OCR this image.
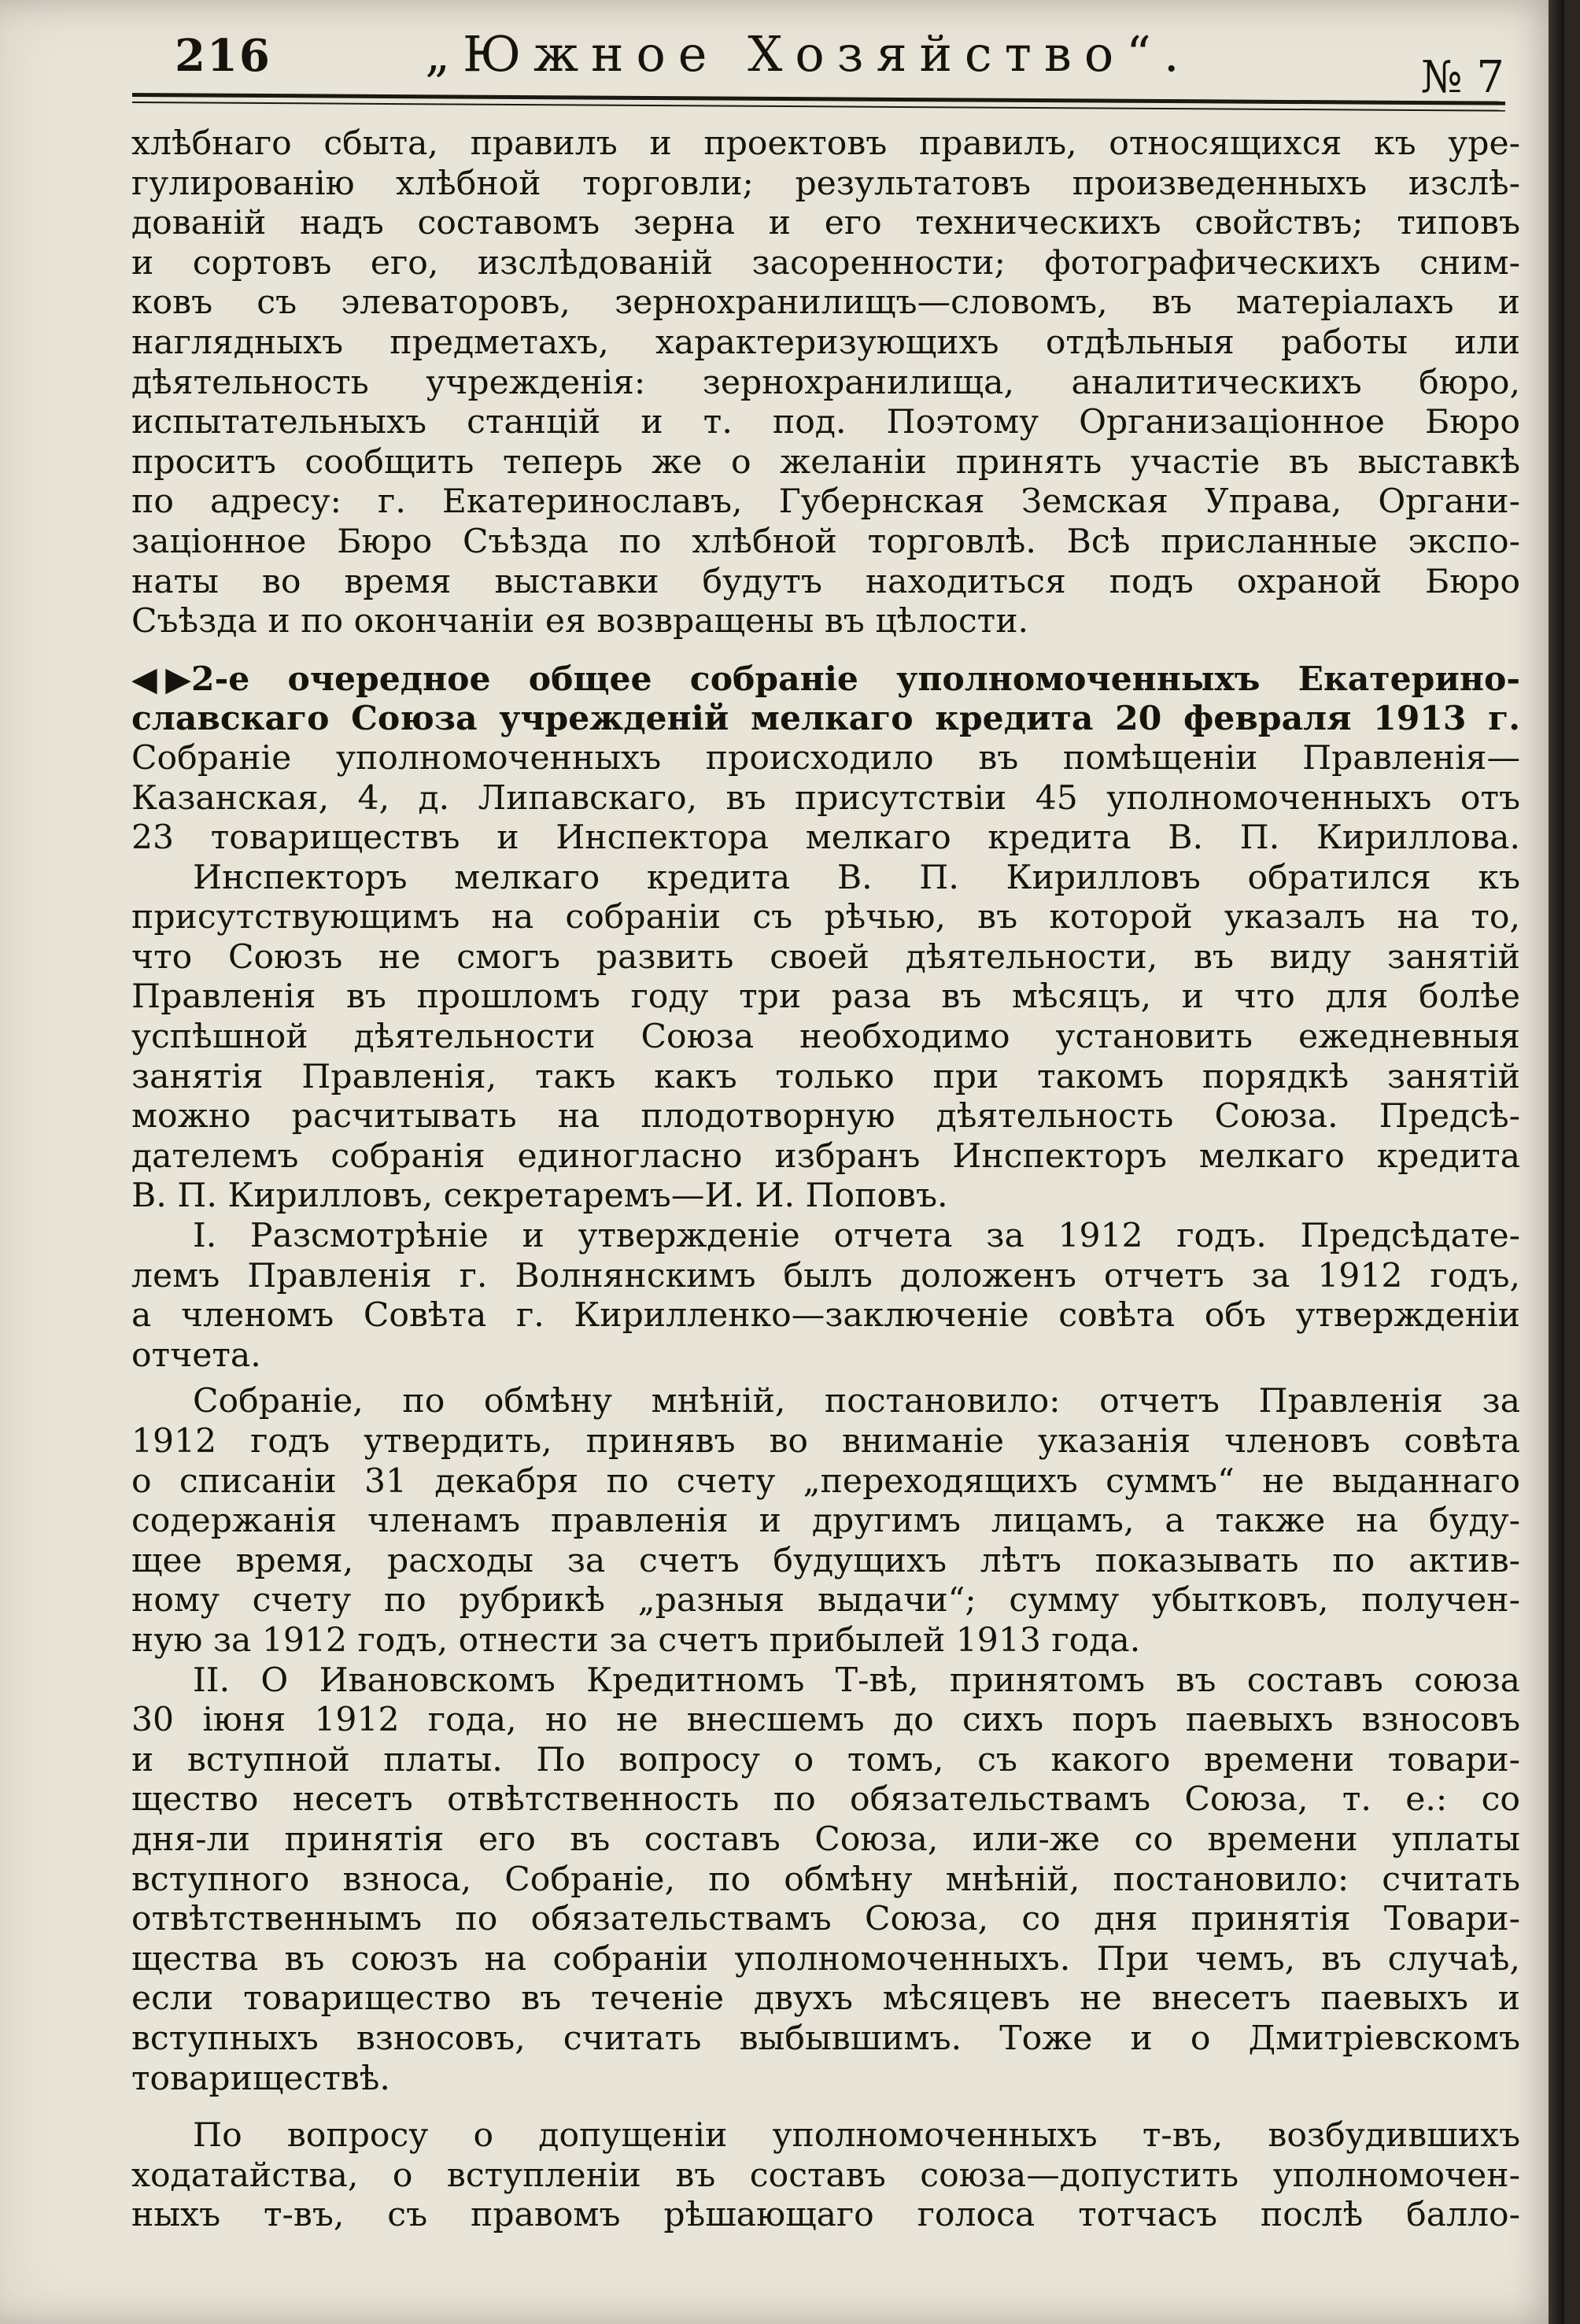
216	„Южное Хозяйство“.	№ 7

хлѣбнаго сбыта, правилъ и проектовъ правилъ, относящихся къ уре-
гулированію хлѣбной торговли; результатовъ произведенныхъ изслѣ-
дованій надъ составомъ зерна и его техническихъ свойствъ; типовъ
и сортовъ его, изслѣдованій засоренности; фотографическихъ сним-
ковъ съ элеваторовъ, зернохранилищъ—словомъ, въ матеріалахъ и
наглядныхъ предметахъ, характеризующихъ отдѣльныя работы или
дѣятельность учрежденія: зернохранилища, аналитическихъ бюро,
испытательныхъ станцій и т. под. Поэтому Организаціонное Бюро
проситъ сообщить теперь же о желаніи принять участіе въ выставкѣ
по адресу: г. Екатеринославъ, Губернская Земская Управа, Органи-
заціонное Бюро Съѣзда по хлѣбной торговлѣ. Всѣ присланные экспо-
наты во время выставки будутъ находиться подъ охраной Бюро
Съѣзда и по окончаніи ея возвращены въ цѣлости.

◀▶2-е очередное общее собраніе уполномоченныхъ Екатерино-
славскаго Союза учрежденій мелкаго кредита 20 февраля 1913 г.

Собраніе уполномоченныхъ происходило въ помѣщеніи Правленія—
Казанская, 4, д. Липавскаго, въ присутствіи 45 уполномоченныхъ отъ
23 товариществъ и Инспектора мелкаго кредита В. П. Кириллова.

Инспекторъ мелкаго кредита В. П. Кирилловъ обратился къ
присутствующимъ на собраніи съ рѣчью, въ которой указалъ на то,
что Союзъ не смогъ развить своей дѣятельности, въ виду занятій
Правленія въ прошломъ году три раза въ мѣсяцъ, и что для болѣе
успѣшной дѣятельности Союза необходимо установить ежедневныя
занятія Правленія, такъ какъ только при такомъ порядкѣ занятій
можно расчитывать на плодотворную дѣятельность Союза. Предсѣ-
дателемъ собранія единогласно избранъ Инспекторъ мелкаго кредита
В. П. Кирилловъ, секретаремъ—И. И. Поповъ.

I. Разсмотрѣніе и утвержденіе отчета за 1912 годъ. Предсѣдате-
лемъ Правленія г. Волнянскимъ былъ доложенъ отчетъ за 1912 годъ,
а членомъ Совѣта г. Кирилленко—заключеніе совѣта объ утвержденіи
отчета.

Собраніе, по обмѣну мнѣній, постановило: отчетъ Правленія за
1912 годъ утвердить, принявъ во вниманіе указанія членовъ совѣта
о списаніи 31 декабря по счету „переходящихъ суммъ“ не выданнаго
содержанія членамъ правленія и другимъ лицамъ, а также на буду-
щее время, расходы за счетъ будущихъ лѣтъ показывать по актив-
ному счету по рубрикѣ „разныя выдачи“; сумму убытковъ, получен-
ную за 1912 годъ, отнести за счетъ прибылей 1913 года.

II. О Ивановскомъ Кредитномъ Т-вѣ, принятомъ въ составъ союза
30 іюня 1912 года, но не внесшемъ до сихъ поръ паевыхъ взносовъ
и вступной платы. По вопросу о томъ, съ какого времени товари-
щество несетъ отвѣтственность по обязательствамъ Союза, т. е.: со
дня-ли принятія его въ составъ Союза, или-же со времени уплаты
вступного взноса, Собраніе, по обмѣну мнѣній, постановило: считать
отвѣтственнымъ по обязательствамъ Союза, со дня принятія Товари-
щества въ союзъ на собраніи уполномоченныхъ. При чемъ, въ случаѣ,
если товарищество въ теченіе двухъ мѣсяцевъ не внесетъ паевыхъ и
вступныхъ взносовъ, считать выбывшимъ. Тоже и о Дмитріевскомъ
товариществѣ.

По вопросу о допущеніи уполномоченныхъ т-въ, возбудившихъ
ходатайства, о вступленіи въ составъ союза—допустить уполномочен-
ныхъ т-въ, съ правомъ рѣшающаго голоса тотчасъ послѣ балло-
